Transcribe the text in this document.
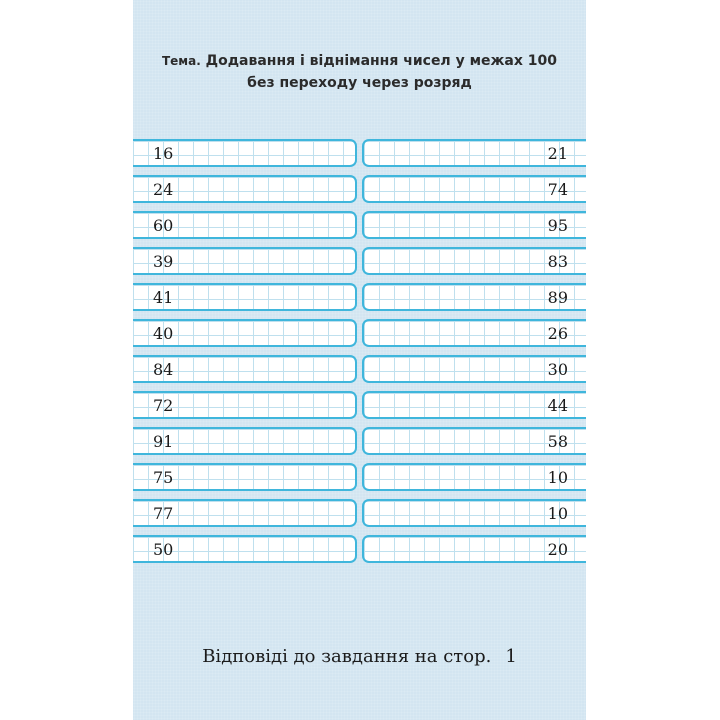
Тема. Додавання і віднімання чисел у межах 100
без переходу через розряд
16	21
24	74
60	95
39	83
41	89
40	26
84	30
72	44
91	58
75	10
77	10
50	20
Відповіді до завдання на стор. 1
